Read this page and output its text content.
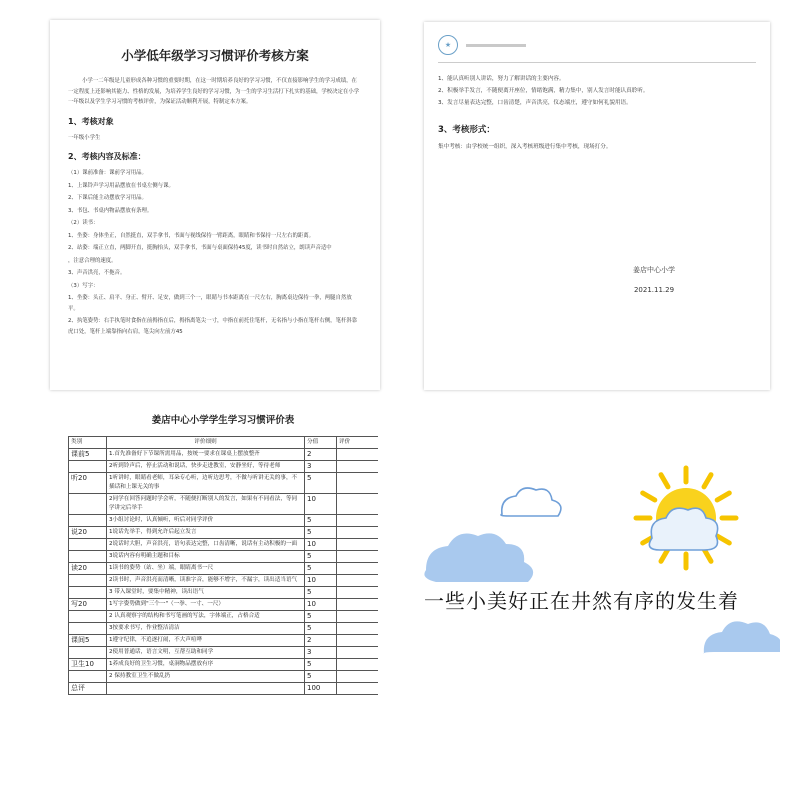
小学低年级学习习惯评价考核方案

小学一二年级是儿童形成各种习惯的重要时期，在这一时期培养良好的学习习惯，不仅直接影响学生的学习成绩，在一定程度上还影响其能力、性格的发展，为培养学生良好的学习习惯，为一生的学习生活打下扎实的基础，学校决定在小学一年级以及学生学习习惯的考核评价，为保证活动顺利开展，特制定本方案。

1、考核对象

一年级小学生

2、考核内容及标准：

（1）课前准备：课前学习用品。

1、上课铃声学习用品摆放在书桌左侧与课。

2、下课后能主动摆放学习用品。

3、书包、书桌内物品摆放有条理。

（2）读书：

1、坐姿：身体坐正，自然挺直，双手拿书，书面与视线保持一臂距离，眼睛和书保持一尺左右的距离。

2、站姿：端正立直，两脚开直，挺胸抬头，双手拿书，书面与桌面保持45度，读书时自然站立，朗读声音适中

，注意合理的速度。

3、声音洪亮，不拖音。

（3）写字：

1、坐姿：头正、肩平、身正、臂开、足安，做到三个一，眼睛与书本距离在一尺左右，胸离桌边保持一拳，两腿自然放平。

2、执笔姿势：右手执笔时食指在前拇指在后，拇指离笔尖一寸，中指在前托住笔杆，无名指与小指在笔杆右侧，笔杆斜靠虎口处，笔杆上端靠指向右肩，笔尖向左前方45

★

1、能认真听别人讲话，努力了解讲话的主要内容。

2、积极举手发言，不随便离开座位，情绪饱满，精力集中，别人发言时能认真聆听。

3、发言尽量表达完整，口齿清楚，声音洪亮，仪态端庄，遵守如何礼貌用语。

3、考核形式：

集中考核：由学校统一组织，深入考核班级进行集中考核，现场打分。

姜店中心小学
2021.11.29
姜店中心小学学生学习习惯评价表
类别	评价细则	分值	评价
课前5	1.首先准备好下节课所需用品，按统一要求在课桌上摆放整齐	2	
	2听到铃声后，停止活动和说话，快步走进教室，安静坐好，等待老师	3	
听20	1听讲时，眼睛看老师，耳朵专心听，边听边思考，不做与听讲无关的事，不插话和上课无关的事	5	
	2同学在回答问题时学会听，不随便打断别人的发言，如果有不同看法，等同学讲完后举手	10	
	3小组讨论时，认真倾听，听后对同学评价	5	
说20	1说话先举手，得到允许后起立发言	5	
	2说话时大胆，声音洪亮，语句表达完整，口齿清晰，说话有主动积极的一面	10	
	3说话内容有明确主题和目标	5	
读20	1读书的姿势（站、坐）端，眼睛离书一尺	5	
	2读书时，声音洪亮而清晰，读准字音，能够不增字，不漏字，读出适当语气	10	
	3 带入课堂时，要集中精神，读出语气	5	
写20	1写字姿势做到"三个一"（一拳、一寸、一尺）	10	
	2 认真观察字的结构和书写笔画的写法，字体端正，占格合适	5	
	3按要求书写，作业整洁清洁	5	
课间5	1遵守纪律，不追逐打闹，不大声喧哗	2	
	2使用普通话，语言文明，互帮互助和同学	3	
卫生10	1养成良好的卫生习惯，桌洞物品摆放有序	5	
	2 保持教室卫生不做乱扔	5	
总评		100	
一些小美好正在井然有序的发生着
